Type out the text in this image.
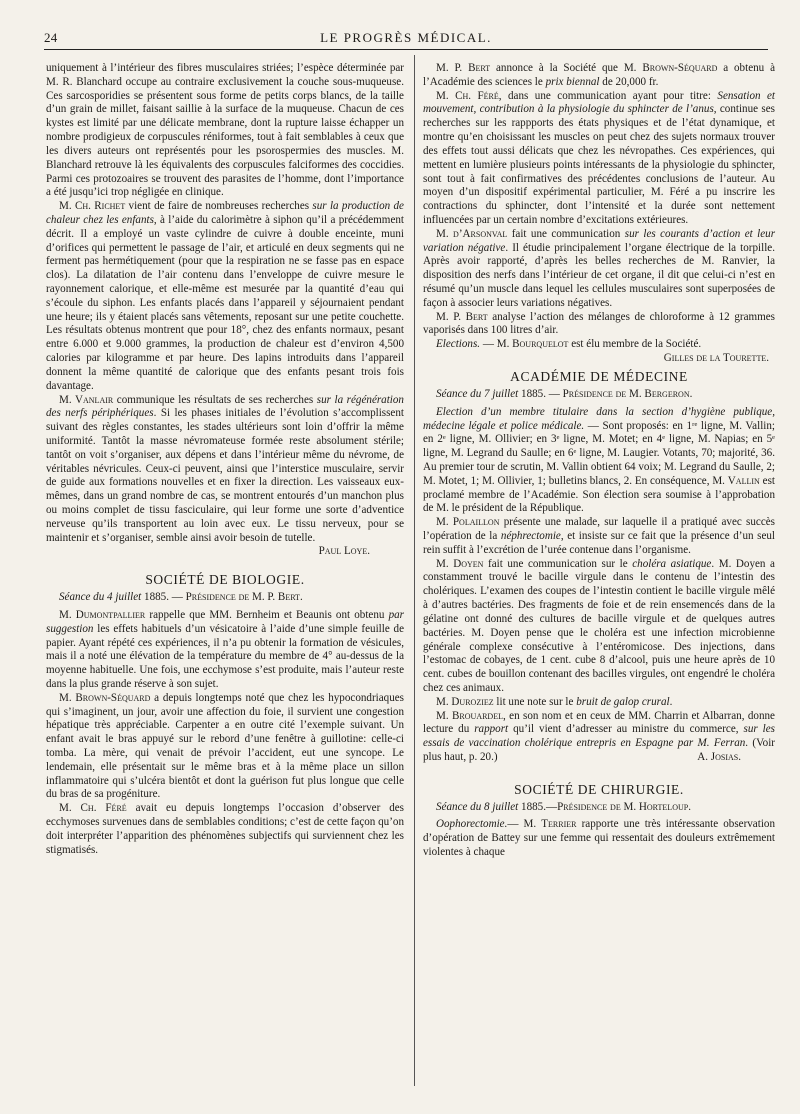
24	LE PROGRÈS MÉDICAL.

uniquement à l’intérieur des fibres musculaires striées; l’espèce déterminée par M. R. Blanchard occupe au contraire exclusivement la couche sous-muqueuse. Ces sarcosporidies se présentent sous forme de petits corps blancs, de la taille d’un grain de millet, faisant saillie à la surface de la muqueuse. Chacun de ces kystes est limité par une délicate membrane, dont la rupture laisse échapper un nombre prodigieux de corpuscules réniformes, tout à fait semblables à ceux que les divers auteurs ont représentés pour les psorospermies des muscles. M. Blanchard retrouve là les équivalents des corpuscules falciformes des coccidies. Parmi ces protozoaires se trouvent des parasites de l’homme, dont l’importance a été jusqu’ici trop négligée en clinique.

M. Ch. Richet vient de faire de nombreuses recherches sur la production de chaleur chez les enfants, à l’aide du calorimètre à siphon qu’il a précédemment décrit. Il a employé un vaste cylindre de cuivre à double enceinte, muni d’orifices qui permettent le passage de l’air, et articulé en deux segments qui ne ferment pas hermétiquement (pour que la respiration ne se fasse pas en espace clos). La dilatation de l’air contenu dans l’enveloppe de cuivre mesure le rayonnement calorique, et elle-même est mesurée par la quantité d’eau qui s’écoule du siphon. Les enfants placés dans l’appareil y séjournaient pendant une heure; ils y étaient placés sans vêtements, reposant sur une petite couchette. Les résultats obtenus montrent que pour 18°, chez des enfants normaux, pesant entre 6.000 et 9.000 grammes, la production de chaleur est d’environ 4,500 calories par kilogramme et par heure. Des lapins introduits dans l’appareil donnent la même quantité de calorique que des enfants pesant trois fois davantage.

M. Vanlair communique les résultats de ses recherches sur la régénération des nerfs périphériques. Si les phases initiales de l’évolution s’accomplissent suivant des règles constantes, les stades ultérieurs sont loin d’offrir la même uniformité. Tantôt la masse névromateuse formée reste absolument stérile; tantôt on voit s’organiser, aux dépens et dans l’intérieur même du névrome, de véritables névricules. Ceux-ci peuvent, ainsi que l’interstice musculaire, servir de guide aux formations nouvelles et en fixer la direction. Les vaisseaux eux-mêmes, dans un grand nombre de cas, se montrent entourés d’un manchon plus ou moins complet de tissu fasciculaire, qui leur forme une sorte d’adventice nerveuse qu’ils transportent au loin avec eux. Le tissu nerveux, pour se maintenir et s’organiser, semble ainsi avoir besoin de tutelle.
Paul Loye.

SOCIÉTÉ DE BIOLOGIE.

Séance du 4 juillet 1885. — Présidence de M. P. Bert.

M. Dumontpallier rappelle que MM. Bernheim et Beaunis ont obtenu par suggestion les effets habituels d’un vésicatoire à l’aide d’une simple feuille de papier. Ayant répété ces expériences, il n’a pu obtenir la formation de vésicules, mais il a noté une élévation de la température du membre de 4° au-dessus de la moyenne habituelle. Une fois, une ecchymose s’est produite, mais l’auteur reste dans la plus grande réserve à son sujet.

M. Brown-Séquard a depuis longtemps noté que chez les hypocondriaques qui s’imaginent, un jour, avoir une affection du foie, il survient une congestion hépatique très appréciable. Carpenter a en outre cité l’exemple suivant. Un enfant avait le bras appuyé sur le rebord d’une fenêtre à guillotine: celle-ci tomba. La mère, qui venait de prévoir l’accident, eut une syncope. Le lendemain, elle présentait sur le même bras et à la même place un sillon inflammatoire qui s’ulcéra bientôt et dont la guérison fut plus longue que celle du bras de sa progéniture.

M. Ch. Féré avait eu depuis longtemps l’occasion d’observer des ecchymoses survenues dans de semblables conditions; c’est de cette façon qu’on doit interpréter l’apparition des phénomènes subjectifs qui surviennent chez les stigmatisés.

M. P. Bert annonce à la Société que M. Brown-Séquard a obtenu à l’Académie des sciences le prix biennal de 20,000 fr.

M. Ch. Féré, dans une communication ayant pour titre: Sensation et mouvement, contribution à la physiologie du sphincter de l’anus, continue ses recherches sur les rappports des états physiques et de l’état dynamique, et montre qu’en choisissant les muscles on peut chez des sujets normaux trouver des effets tout aussi délicats que chez les névropathes. Ces expériences, qui mettent en lumière plusieurs points intéressants de la physiologie du sphincter, sont tout à fait confirmatives des précédentes conclusions de l’auteur. Au moyen d’un dispositif expérimental particulier, M. Féré a pu inscrire les contractions du sphincter, dont l’intensité et la durée sont nettement influencées par un certain nombre d’excitations extérieures.

M. d’Arsonval fait une communication sur les courants d’action et leur variation négative. Il étudie principalement l’organe électrique de la torpille. Après avoir rapporté, d’après les belles recherches de M. Ranvier, la disposition des nerfs dans l’intérieur de cet organe, il dit que celui-ci n’est en résumé qu’un muscle dans lequel les cellules musculaires sont superposées de façon à associer leurs variations négatives.

M. P. Bert analyse l’action des mélanges de chloroforme à 12 grammes vaporisés dans 100 litres d’air.

Elections. — M. Bourquelot est élu membre de la Société.
Gilles de la Tourette.

ACADÉMIE DE MÉDECINE

Séance du 7 juillet 1885. — Présidence de M. Bergeron.

Election d’un membre titulaire dans la section d’hygiène publique, médecine légale et police médicale. — Sont proposés: en 1ʳᵉ ligne, M. Vallin; en 2ᵉ ligne, M. Ollivier; en 3ᵉ ligne, M. Motet; en 4ᵉ ligne, M. Napias; en 5ᵉ ligne, M. Legrand du Saulle; en 6ᵉ ligne, M. Laugier. Votants, 70; majorité, 36. Au premier tour de scrutin, M. Vallin obtient 64 voix; M. Legrand du Saulle, 2; M. Motet, 1; M. Ollivier, 1; bulletins blancs, 2. En conséquence, M. Vallin est proclamé membre de l’Académie. Son élection sera soumise à l’approbation de M. le président de la République.

M. Polaillon présente une malade, sur laquelle il a pratiqué avec succès l’opération de la néphrectomie, et insiste sur ce fait que la présence d’un seul rein suffit à l’excrétion de l’urée contenue dans l’organisme.

M. Doyen fait une communication sur le choléra asiatique. M. Doyen a constamment trouvé le bacille virgule dans le contenu de l’intestin des cholériques. L’examen des coupes de l’intestin contient le bacille virgule mêlé à d’autres bactéries. Des fragments de foie et de rein ensemencés dans de la gélatine ont donné des cultures de bacille virgule et de quelques autres bactéries. M. Doyen pense que le choléra est une infection microbienne générale complexe consécutive à l’entéromicose. Des injections, dans l’estomac de cobayes, de 1 cent. cube 8 d’alcool, puis une heure après de 10 cent. cubes de bouillon contenant des bacilles virgules, ont engendré le choléra chez ces animaux.

M. Duroziez lit une note sur le bruit de galop crural.

M. Brouardel, en son nom et en ceux de MM. Charrin et Albarran, donne lecture du rapport qu’il vient d’adresser au ministre du commerce, sur les essais de vaccination cholérique entrepris en Espagne par M. Ferran. (Voir plus haut, p. 20.)	A. Josias.

SOCIÉTÉ DE CHIRURGIE.

Séance du 8 juillet 1885.—Présidence de M. Horteloup.

Oophorectomie.— M. Terrier rapporte une très intéressante observation d’opération de Battey sur une femme qui ressentait des douleurs extrêmement violentes à chaque
